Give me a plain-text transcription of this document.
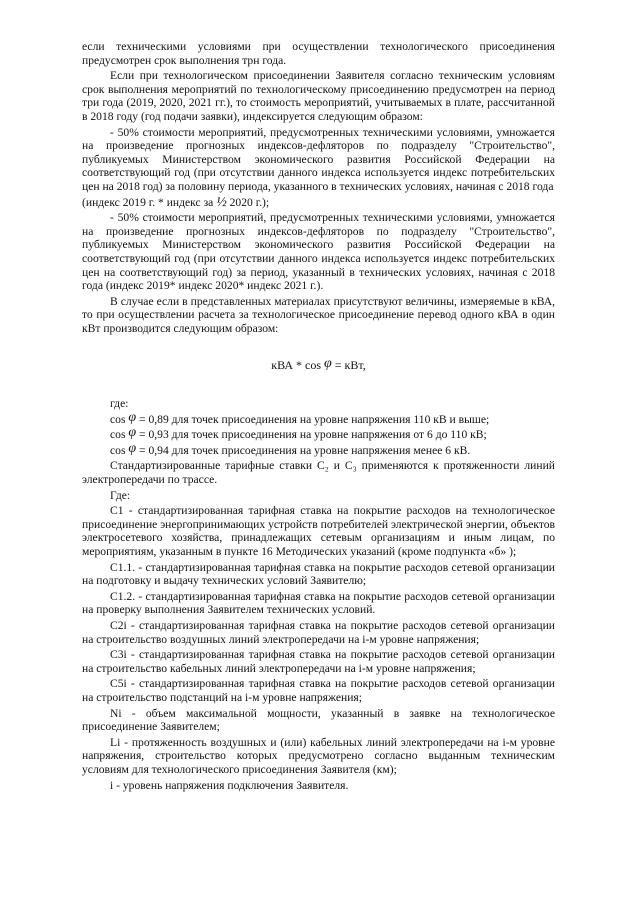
если техническими условиями при осуществлении технологического присоединения предусмотрен срок выполнения трн года.

Если при технологическом присоединении Заявителя согласно техническим условиям срок выполнения мероприятий по технологическому присоединению предусмотрен на период три года (2019, 2020, 2021 гг.), то стоимость мероприятий, учитываемых в плате, рассчитанной в 2018 году (год подачи заявки), индексируется следующим образом:

- 50% стоимости мероприятий, предусмотренных техническими условиями, умножается на произведение прогнозных индексов-дефляторов по подразделу "Строительство", публикуемых Министерством экономического развития Российской Федерации на соответствующий год (при отсутствии данного индекса используется индекс потребительских цен на 2018 год) за половину периода, указанного в технических условиях, начиная с 2018 года

(индекс 2019 г. * индекс за ½ 2020 г.);

- 50% стоимости мероприятий, предусмотренных техническими условиями, умножается на произведение прогнозных индексов-дефляторов по подразделу "Строительство", публикуемых Министерством экономического развития Российской Федерации на соответствующий год (при отсутствии данного индекса используется индекс потребительских цен на соответствующий год) за период, указанный в технических условиях, начиная с 2018 года (индекс 2019* индекс 2020* индекс 2021 г.).

В случае если в представленных материалах присутствуют величины, измеряемые в кВА, то при осуществлении расчета за технологическое присоединение перевод одного кВА в один кВт производится следующим образом:

кВА * cos φ = кВт,

где:

cos φ = 0,89 для точек присоединения на уровне напряжения 110 кВ и выше;

cos φ = 0,93 для точек присоединения на уровне напряжения от 6 до 110 кВ;

cos φ = 0,94 для точек присоединения на уровне напряжения менее 6 кВ.

Стандартизированные тарифные ставки C₂ и C₃ применяются к протяженности линий электропередачи по трассе.

Где:

C1 - стандартизированная тарифная ставка на покрытие расходов на технологическое присоединение энергопринимающих устройств потребителей электрической энергии, объектов электросетевого хозяйства, принадлежащих сетевым организациям и иным лицам, по мероприятиям, указанным в пункте 16 Методических указаний (кроме подпункта «б» );

C1.1. - стандартизированная тарифная ставка на покрытие расходов сетевой организации на подготовку и выдачу технических условий Заявителю;

C1.2. - стандартизированная тарифная ставка на покрытие расходов сетевой организации на проверку выполнения Заявителем технических условий.

C2i - стандартизированная тарифная ставка на покрытие расходов сетевой организации на строительство воздушных линий электропередачи на i-м уровне напряжения;

C3i - стандартизированная тарифная ставка на покрытие расходов сетевой организации на строительство кабельных линий электропередачи на i-м уровне напряжения;

C5i - стандартизированная тарифная ставка на покрытие расходов сетевой организации на строительство подстанций на i-м уровне напряжения;

Ni - объем максимальной мощности, указанный в заявке на технологическое присоединение Заявителем;

Li - протяженность воздушных и (или) кабельных линий электропередачи на i-м уровне напряжения, строительство которых предусмотрено согласно выданным техническим условиям для технологического присоединения Заявителя (км);

i - уровень напряжения подключения Заявителя.
